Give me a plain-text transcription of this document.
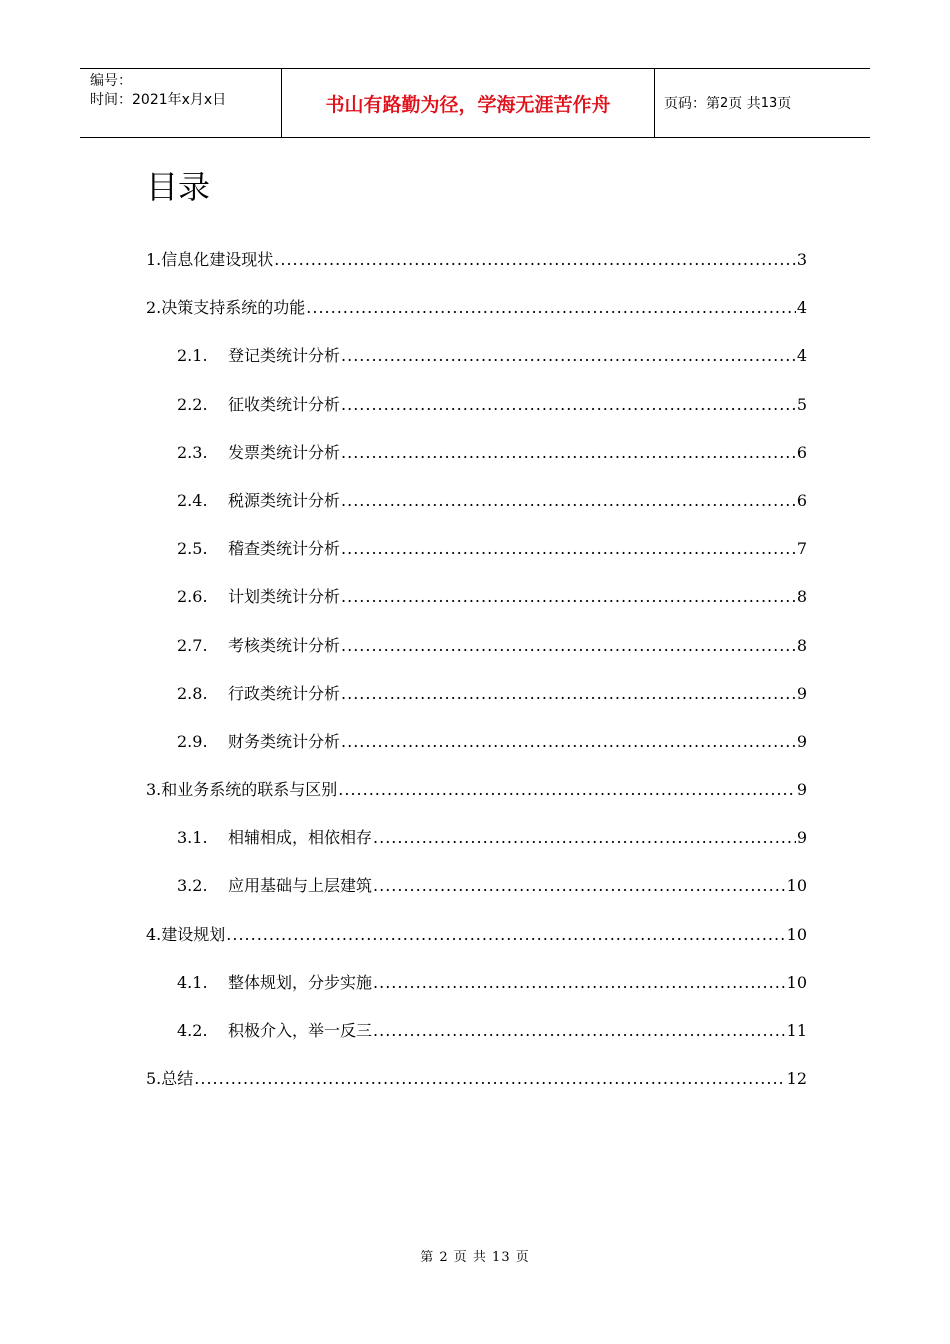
编号：
时间：2021年x月x日	书山有路勤为径，学海无涯苦作舟	页码：第 2 页 共 13 页
目录
1. 信息化建设现状 .....	3
2. 决策支持系统的功能 .....	4
2.1.	登记类统计分析 .....	4
2.2.	征收类统计分析 .....	5
2.3.	发票类统计分析 .....	6
2.4.	税源类统计分析 .....	6
2.5.	稽查类统计分析 .....	7
2.6.	计划类统计分析 .....	8
2.7.	考核类统计分析 .....	8
2.8.	行政类统计分析 .....	9
2.9.	财务类统计分析 .....	9
3. 和业务系统的联系与区别 .....	9
3.1.	相辅相成，相依相存 .....	9
3.2.	应用基础与上层建筑 .....	10
4. 建设规划 .....	10
4.1.	整体规划，分步实施 .....	10
4.2.	积极介入，举一反三 .....	11
5. 总结 .....	12
第 2 页 共 13 页
